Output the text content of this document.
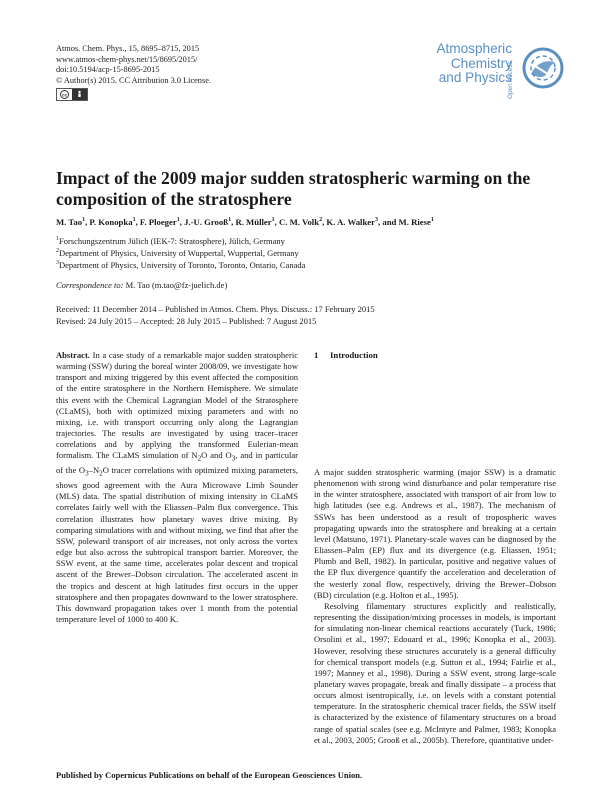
Atmos. Chem. Phys., 15, 8695–8715, 2015
www.atmos-chem-phys.net/15/8695/2015/
doi:10.5194/acp-15-8695-2015
© Author(s) 2015. CC Attribution 3.0 License.
cc
Atmospheric
Chemistry
and Physics
Open Access
Impact of the 2009 major sudden stratospheric warming on the composition of the stratosphere
M. Tao$^1$, P. Konopka$^1$, F. Ploeger$^1$, J.-U. Grooß$^1$, R. Müller$^1$, C. M. Volk$^2$, K. A. Walker$^3$, and M. Riese$^1$
$^1$Forschungszentrum Jülich (IEK-7: Stratosphere), Jülich, Germany
$^2$Department of Physics, University of Wuppertal, Wuppertal, Germany
$^3$Department of Physics, University of Toronto, Toronto, Ontario, Canada
Correspondence to: M. Tao (m.tao@fz-juelich.de)
Received: 11 December 2014 – Published in Atmos. Chem. Phys. Discuss.: 17 February 2015
Revised: 24 July 2015 – Accepted: 28 July 2015 – Published: 7 August 2015
Abstract. In a case study of a remarkable major sudden stratospheric warming (SSW) during the boreal winter 2008/09, we investigate how transport and mixing triggered by this event affected the composition of the entire stratosphere in the Northern Hemisphere. We simulate this event with the Chemical Lagrangian Model of the Stratosphere (CLaMS), both with optimized mixing parameters and with no mixing, i.e. with transport occurring only along the Lagrangian trajectories. The results are investigated by using tracer–tracer correlations and by applying the transformed Eulerian-mean formalism. The CLaMS simulation of $N_2O$ and $O_3$, and in particular of the $O_3-N_2O$ tracer correlations with optimized mixing parameters, shows good agreement with the Aura Microwave Limb Sounder (MLS) data. The spatial distribution of mixing intensity in CLaMS correlates fairly well with the Eliassen–Palm flux convergence. This correlation illustrates how planetary waves drive mixing. By comparing simulations with and without mixing, we find that after the SSW, poleward transport of air increases, not only across the vortex edge but also across the subtropical transport barrier. Moreover, the SSW event, at the same time, accelerates polar descent and tropical ascent of the Brewer–Dobson circulation. The accelerated ascent in the tropics and descent at high latitudes first occurs in the upper stratosphere and then propagates downward to the lower stratosphere. This downward propagation takes over 1 month from the potential temperature level of 1000 to 400 K.
1 Introduction

A major sudden stratospheric warming (major SSW) is a dramatic phenomenon with strong wind disturbance and polar temperature rise in the winter stratosphere, associated with transport of air from low to high latitudes (see e.g. Andrews et al., 1987). The mechanism of SSWs has been understood as a result of tropospheric waves propagating upwards into the stratosphere and breaking at a certain level (Matsuno, 1971). Planetary-scale waves can be diagnosed by the Eliassen–Palm (EP) flux and its divergence (e.g. Eliassen, 1951; Plumb and Bell, 1982). In particular, positive and negative values of the EP flux divergence quantify the acceleration and deceleration of the westerly zonal flow, respectively, driving the Brewer–Dobson (BD) circulation (e.g. Holton et al., 1995).

Resolving filamentary structures explicitly and realistically, representing the dissipation/mixing processes in models, is important for simulating non-linear chemical reactions accurately (Tuck, 1986; Orsolini et al., 1997; Edouard et al., 1996; Konopka et al., 2003). However, resolving these structures accurately is a general difficulty for chemical transport models (e.g. Sutton et al., 1994; Fairlie et al., 1997; Manney et al., 1998). During a SSW event, strong large-scale planetary waves propagate, break and finally dissipate – a process that occurs almost isentropically, i.e. on levels with a constant potential temperature. In the stratospheric chemical tracer fields, the SSW itself is characterized by the existence of filamentary structures on a broad range of spatial scales (see e.g. McIntyre and Palmer, 1983; Konopka et al., 2003, 2005; Grooß et al., 2005b). Therefore, quantitative under-

Published by Copernicus Publications on behalf of the European Geosciences Union.
